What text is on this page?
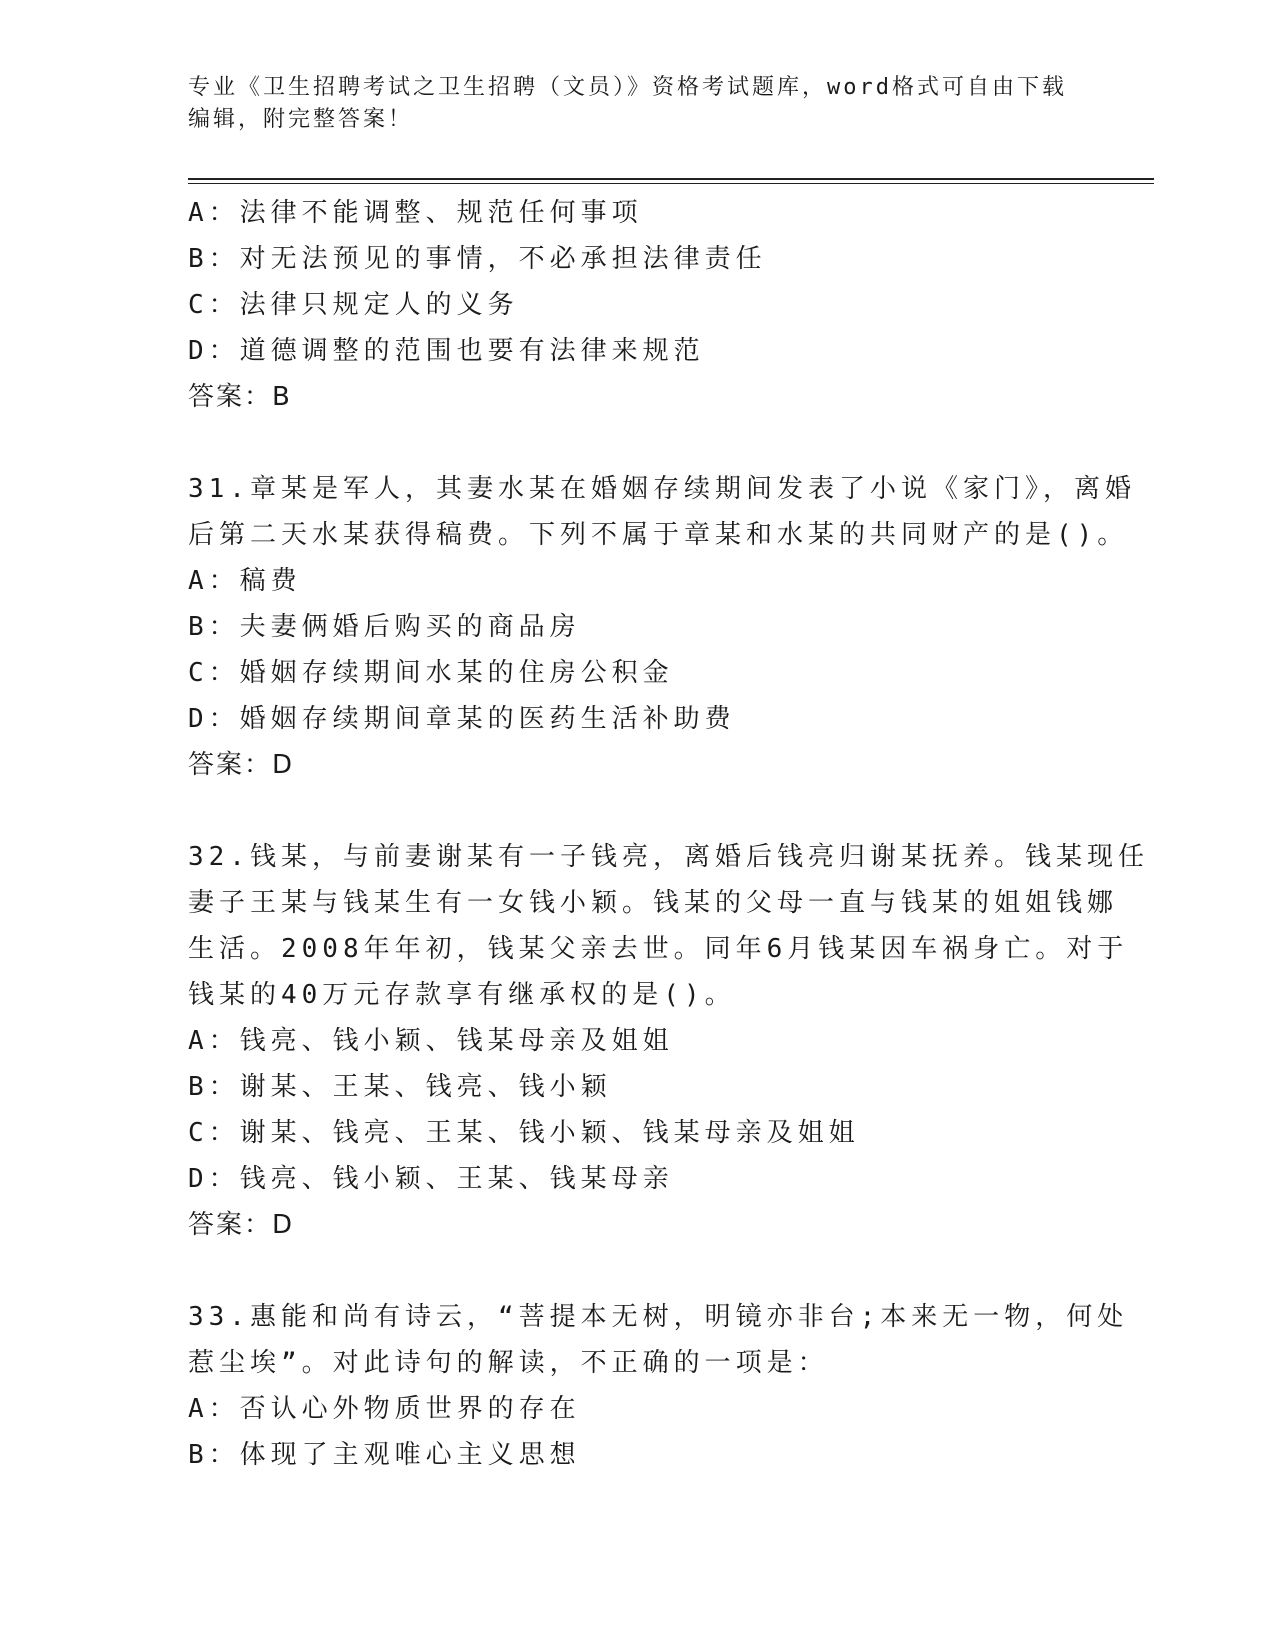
专业《卫生招聘考试之卫生招聘（文员）》资格考试题库，word格式可自由下载
编辑，附完整答案！
A：法律不能调整、规范任何事项
B：对无法预见的事情，不必承担法律责任
C：法律只规定人的义务
D：道德调整的范围也要有法律来规范
答案：B
31.章某是军人，其妻水某在婚姻存续期间发表了小说《家门》，离婚
后第二天水某获得稿费。下列不属于章某和水某的共同财产的是()。
A：稿费
B：夫妻俩婚后购买的商品房
C：婚姻存续期间水某的住房公积金
D：婚姻存续期间章某的医药生活补助费
答案：D
32.钱某，与前妻谢某有一子钱亮，离婚后钱亮归谢某抚养。钱某现任
妻子王某与钱某生有一女钱小颖。钱某的父母一直与钱某的姐姐钱娜
生活。2008年年初，钱某父亲去世。同年6月钱某因车祸身亡。对于
钱某的40万元存款享有继承权的是()。
A：钱亮、钱小颖、钱某母亲及姐姐
B：谢某、王某、钱亮、钱小颖
C：谢某、钱亮、王某、钱小颖、钱某母亲及姐姐
D：钱亮、钱小颖、王某、钱某母亲
答案：D
33.惠能和尚有诗云，“菩提本无树，明镜亦非台;本来无一物，何处
惹尘埃”。对此诗句的解读，不正确的一项是：
A：否认心外物质世界的存在
B：体现了主观唯心主义思想
